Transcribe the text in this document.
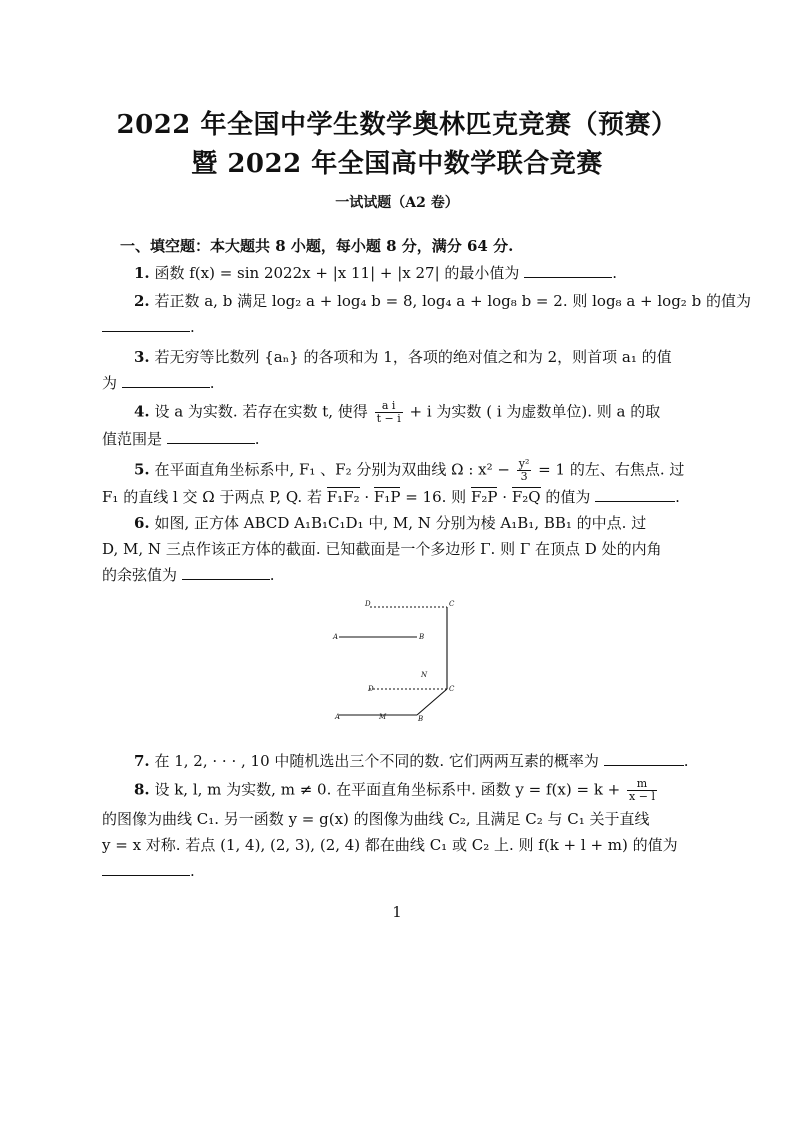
2022 年全国中学生数学奥林匹克竞赛（预赛）
暨 2022 年全国高中数学联合竞赛
一试试题（A2 卷）
一、填空题：本大题共 8 小题，每小题 8 分，满分 64 分.
1. 函数 f(x) = sin 2022x + |x 11| + |x 27| 的最小值为	.
2. 若正数 a, b 满足 log₂ a + log₄ b = 8, log₄ a + log₈ b = 2. 则 log₈ a + log₂ b 的值为
.
3. 若无穷等比数列 {aₙ} 的各项和为 1，各项的绝对值之和为 2，则首项 a₁ 的值
为	.
4. 设 a 为实数. 若存在实数 t, 使得 $\frac{\text{a i}}{t - i} + i$ 为实数 ( i 为虚数单位). 则 a 的取
值范围是	.
5. 在平面直角坐标系中, F₁ 、F₂ 分别为双曲线 Ω : $x^2 - \frac{\text{y²}}{3} = 1$ 的左、右焦点. 过
F₁ 的直线 l 交 Ω 于两点 P, Q. 若 F₁F₂ · F₁P = 16. 则 F₂P · F₂Q 的值为	.
6. 如图, 正方体 ABCD A₁B₁C₁D₁ 中, M, N 分别为棱 A₁B₁, BB₁ 的中点. 过
D, M, N 三点作该正方体的截面. 已知截面是一个多边形 Γ. 则 Γ 在顶点 D 处的内角
的余弦值为	.
D	C
A	B
N
D	C
A	M	B
7. 在 1, 2, · · · , 10 中随机选出三个不同的数. 它们两两互素的概率为	.
8. 设 k, l, m 为实数, m ≠ 0. 在平面直角坐标系中. 函数 $y = f(x) = k + \frac{m}{x - l}$
的图像为曲线 C₁. 另一函数 y = g(x) 的图像为曲线 C₂, 且满足 C₂ 与 C₁ 关于直线
y = x 对称. 若点 (1, 4), (2, 3), (2, 4) 都在曲线 C₁ 或 C₂ 上. 则 f(k + l + m) 的值为
.
1
